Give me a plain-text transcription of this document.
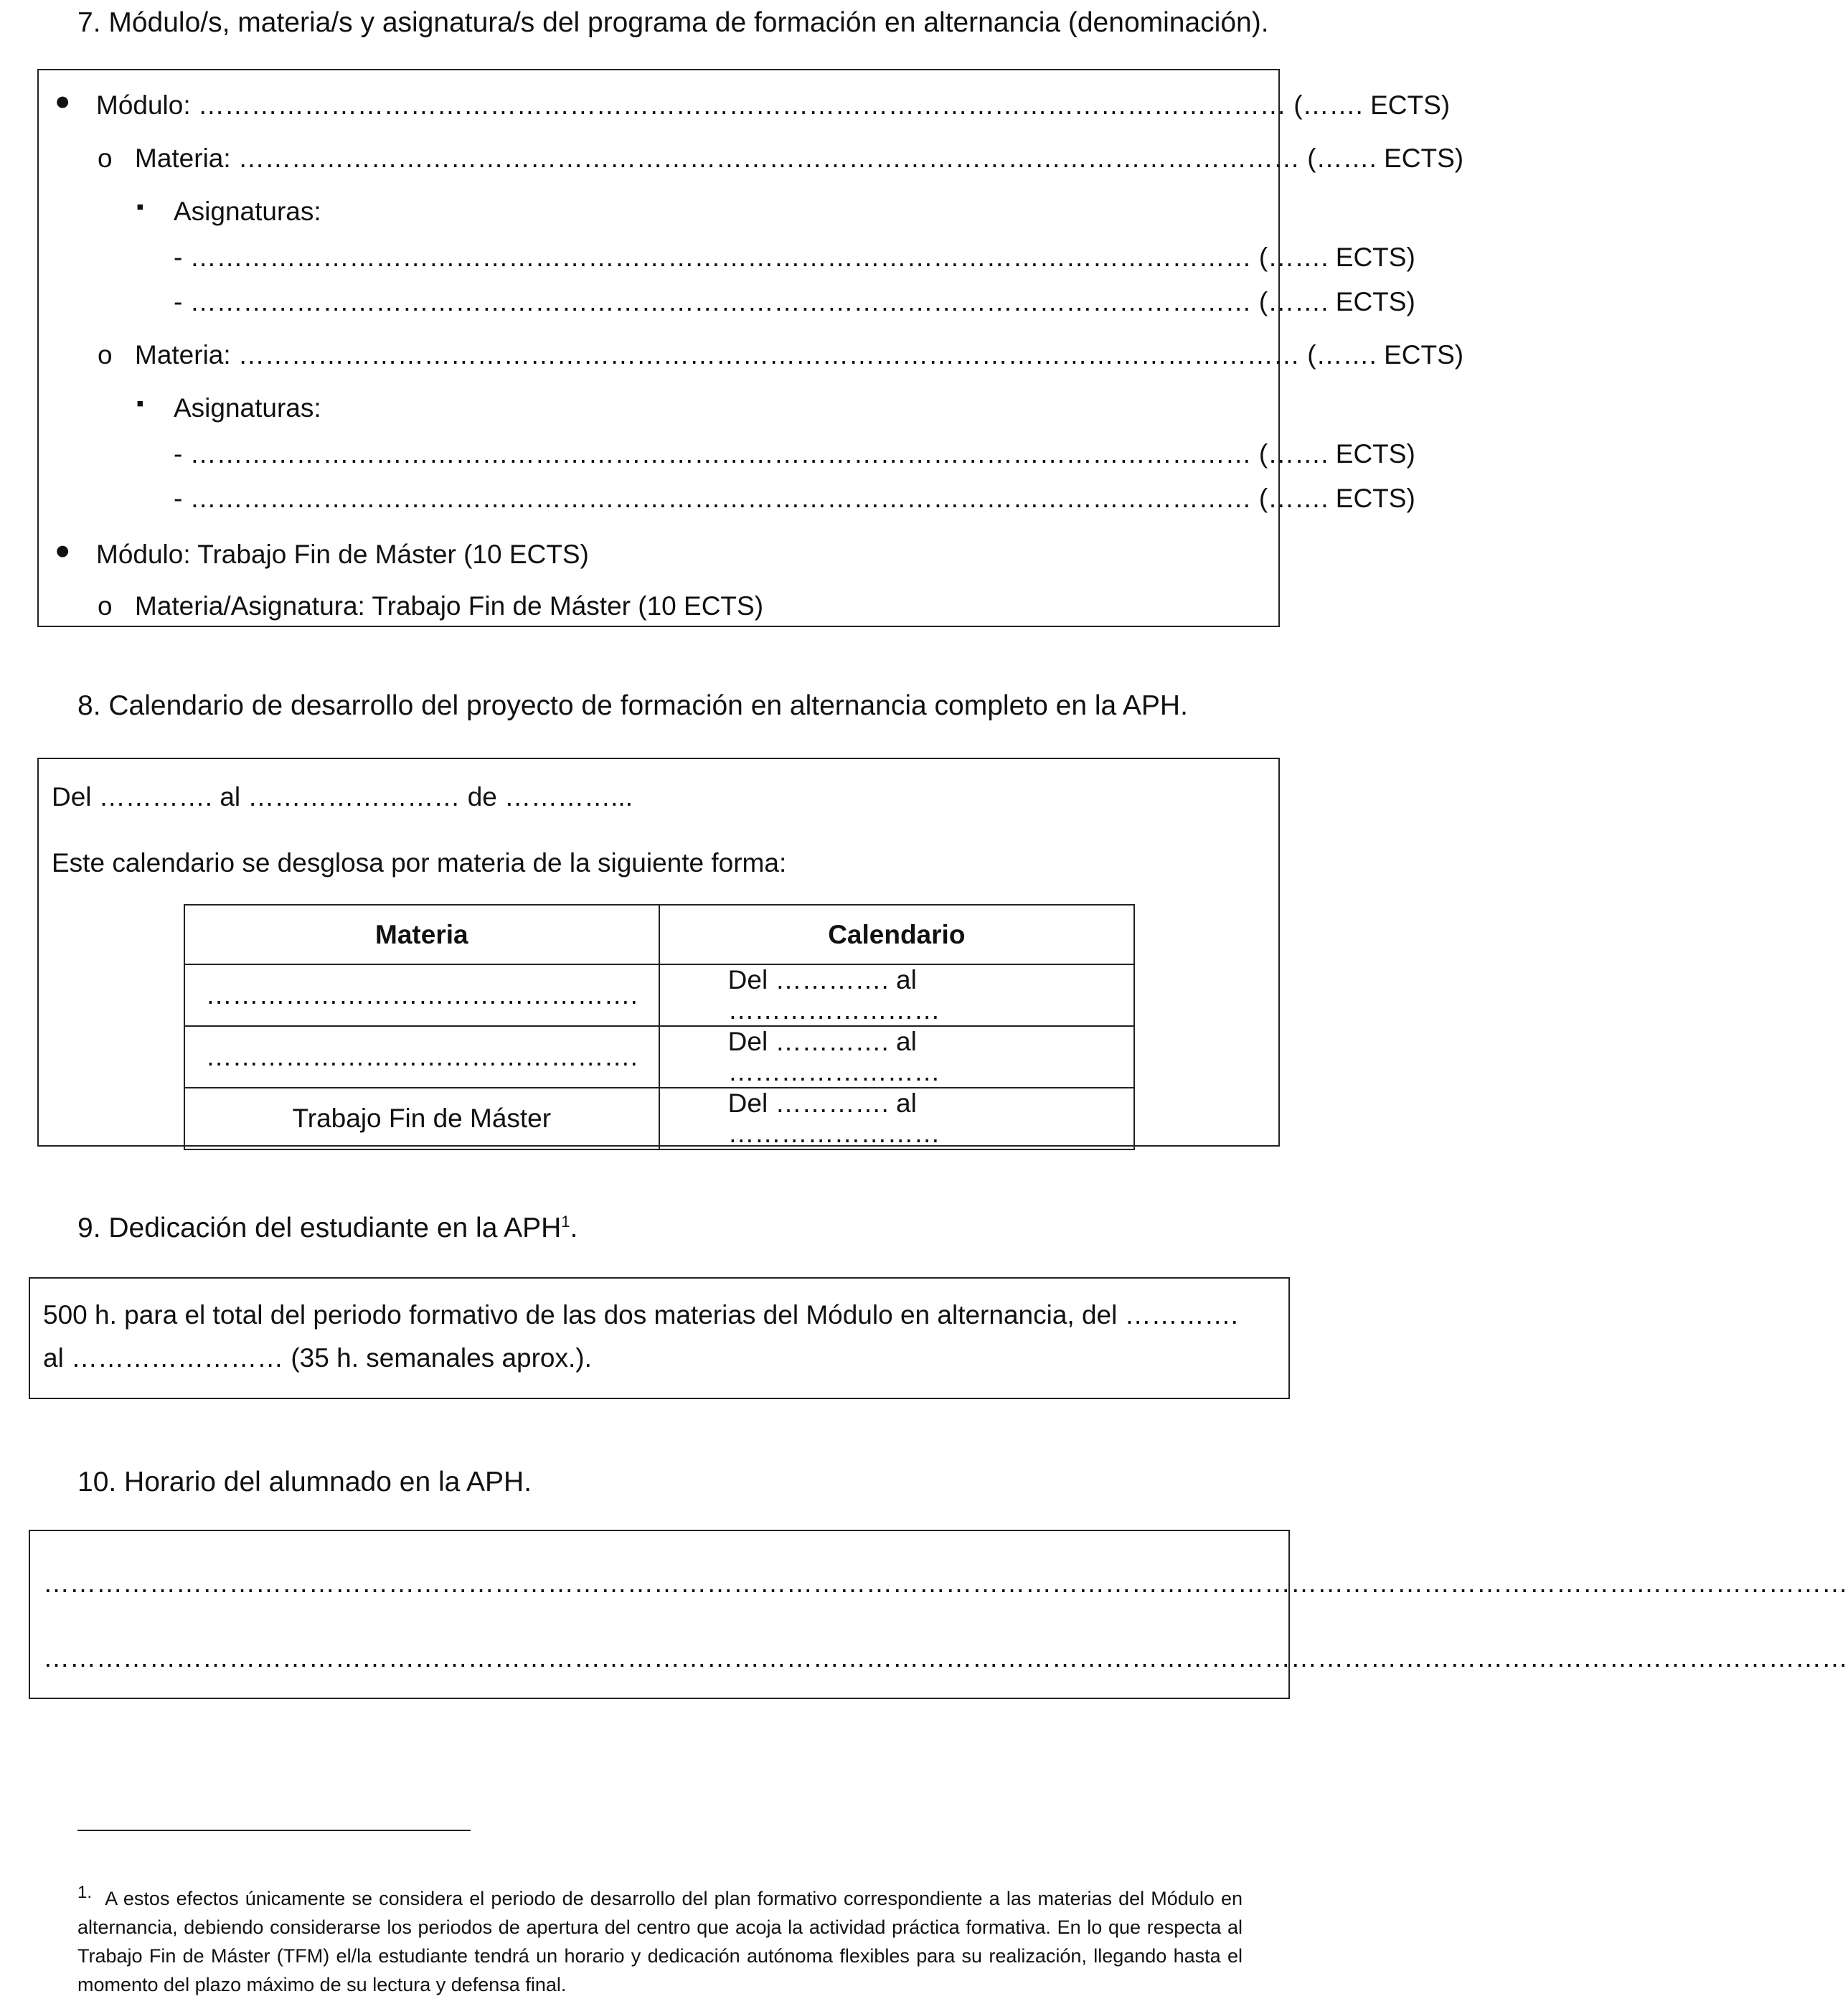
7. Módulo/s, materia/s y asignatura/s del programa de formación en alternancia (denominación).
● Módulo: …………………………………………………………………………………………………………… (……. ECTS)
o Materia: ………………………………………………………………………………………………………… (……. ECTS)
▪ Asignaturas:
- ………………………………………………………………………………………………………… (……. ECTS)
- ………………………………………………………………………………………………………… (……. ECTS)
o Materia: ………………………………………………………………………………………………………… (……. ECTS)
▪ Asignaturas:
- ………………………………………………………………………………………………………… (……. ECTS)
- ………………………………………………………………………………………………………… (……. ECTS)
● Módulo: Trabajo Fin de Máster (10 ECTS)
o Materia/Asignatura: Trabajo Fin de Máster (10 ECTS)
8. Calendario de desarrollo del proyecto de formación en alternancia completo en la APH.
Del …………. al …………………… de …………...
Este calendario se desglosa por materia de la siguiente forma:
Materia	Calendario
………………………………………….	Del …………. al ……………………
………………………………………….	Del …………. al ……………………
Trabajo Fin de Máster	Del …………. al ……………………
9. Dedicación del estudiante en la APH$^1$.
500 h. para el total del periodo formativo de las dos materias del Módulo en alternancia, del ………….
al …………………… (35 h. semanales aprox.).
10. Horario del alumnado en la APH.
……………………………………………………………………………………………………………………………………………………………………………………
……………………………………………………………………………………………………………………………………………………………………………………
$^{1.}$ A estos efectos únicamente se considera el periodo de desarrollo del plan formativo correspondiente a las materias del Módulo en alternancia, debiendo considerarse los periodos de apertura del centro que acoja la actividad práctica formativa. En lo que respecta al Trabajo Fin de Máster (TFM) el/la estudiante tendrá un horario y dedicación autónoma flexibles para su realización, llegando hasta el momento del plazo máximo de su lectura y defensa final.
